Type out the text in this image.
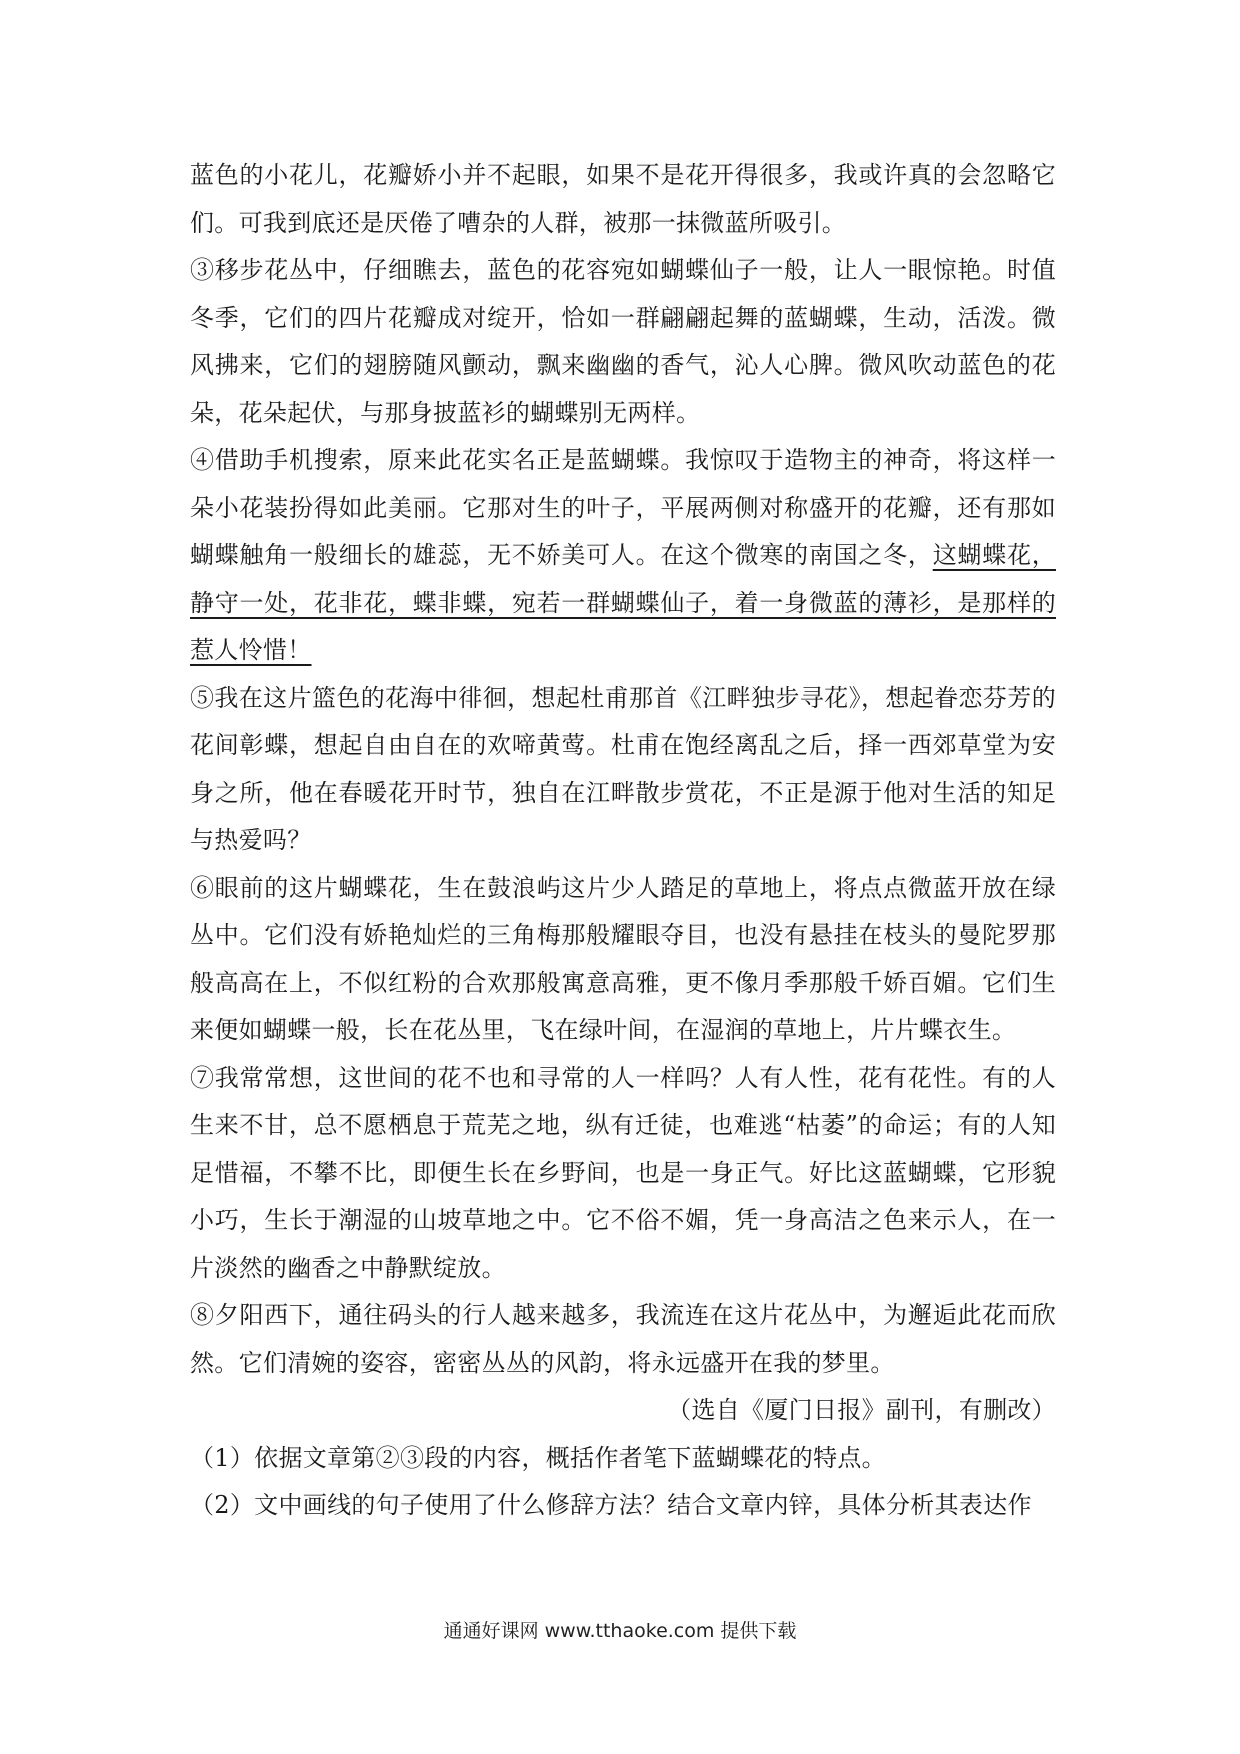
蓝色的小花儿，花瓣娇小并不起眼，如果不是花开得很多，我或许真的会忽略它们。可我到底还是厌倦了嘈杂的人群，被那一抹微蓝所吸引。

③移步花丛中，仔细瞧去，蓝色的花容宛如蝴蝶仙子一般，让人一眼惊艳。时值冬季，它们的四片花瓣成对绽开，恰如一群翩翩起舞的蓝蝴蝶，生动，活泼。微风拂来，它们的翅膀随风颤动，飘来幽幽的香气，沁人心脾。微风吹动蓝色的花朵，花朵起伏，与那身披蓝衫的蝴蝶别无两样。

④借助手机搜索，原来此花实名正是蓝蝴蝶。我惊叹于造物主的神奇，将这样一朵小花装扮得如此美丽。它那对生的叶子，平展两侧对称盛开的花瓣，还有那如蝴蝶触角一般细长的雄蕊，无不娇美可人。在这个微寒的南国之冬，这蝴蝶花，静守一处，花非花，蝶非蝶，宛若一群蝴蝶仙子，着一身微蓝的薄衫，是那样的惹人怜惜！

⑤我在这片篮色的花海中徘徊，想起杜甫那首《江畔独步寻花》，想起眷恋芬芳的花间彰蝶，想起自由自在的欢啼黄莺。杜甫在饱经离乱之后，择一西郊草堂为安身之所，他在春暖花开时节，独自在江畔散步赏花，不正是源于他对生活的知足与热爱吗？

⑥眼前的这片蝴蝶花，生在鼓浪屿这片少人踏足的草地上，将点点微蓝开放在绿丛中。它们没有娇艳灿烂的三角梅那般耀眼夺目，也没有悬挂在枝头的曼陀罗那般高高在上，不似红粉的合欢那般寓意高雅，更不像月季那般千娇百媚。它们生来便如蝴蝶一般，长在花丛里，飞在绿叶间，在湿润的草地上，片片蝶衣生。

⑦我常常想，这世间的花不也和寻常的人一样吗？人有人性，花有花性。有的人生来不甘，总不愿栖息于荒芜之地，纵有迁徒，也难逃“枯萎”的命运；有的人知足惜福，不攀不比，即便生长在乡野间，也是一身正气。好比这蓝蝴蝶，它形貌小巧，生长于潮湿的山坡草地之中。它不俗不媚，凭一身高洁之色来示人，在一片淡然的幽香之中静默绽放。

⑧夕阳西下，通往码头的行人越来越多，我流连在这片花丛中，为邂逅此花而欣然。它们清婉的姿容，密密丛丛的风韵，将永远盛开在我的梦里。

（选自《厦门日报》副刊，有删改）

（1）依据文章第②③段的内容，概括作者笔下蓝蝴蝶花的特点。

（2）文中画线的句子使用了什么修辞方法？结合文章内锌，具体分析其表达作

通通好课网 www.tthaoke.com 提供下载
